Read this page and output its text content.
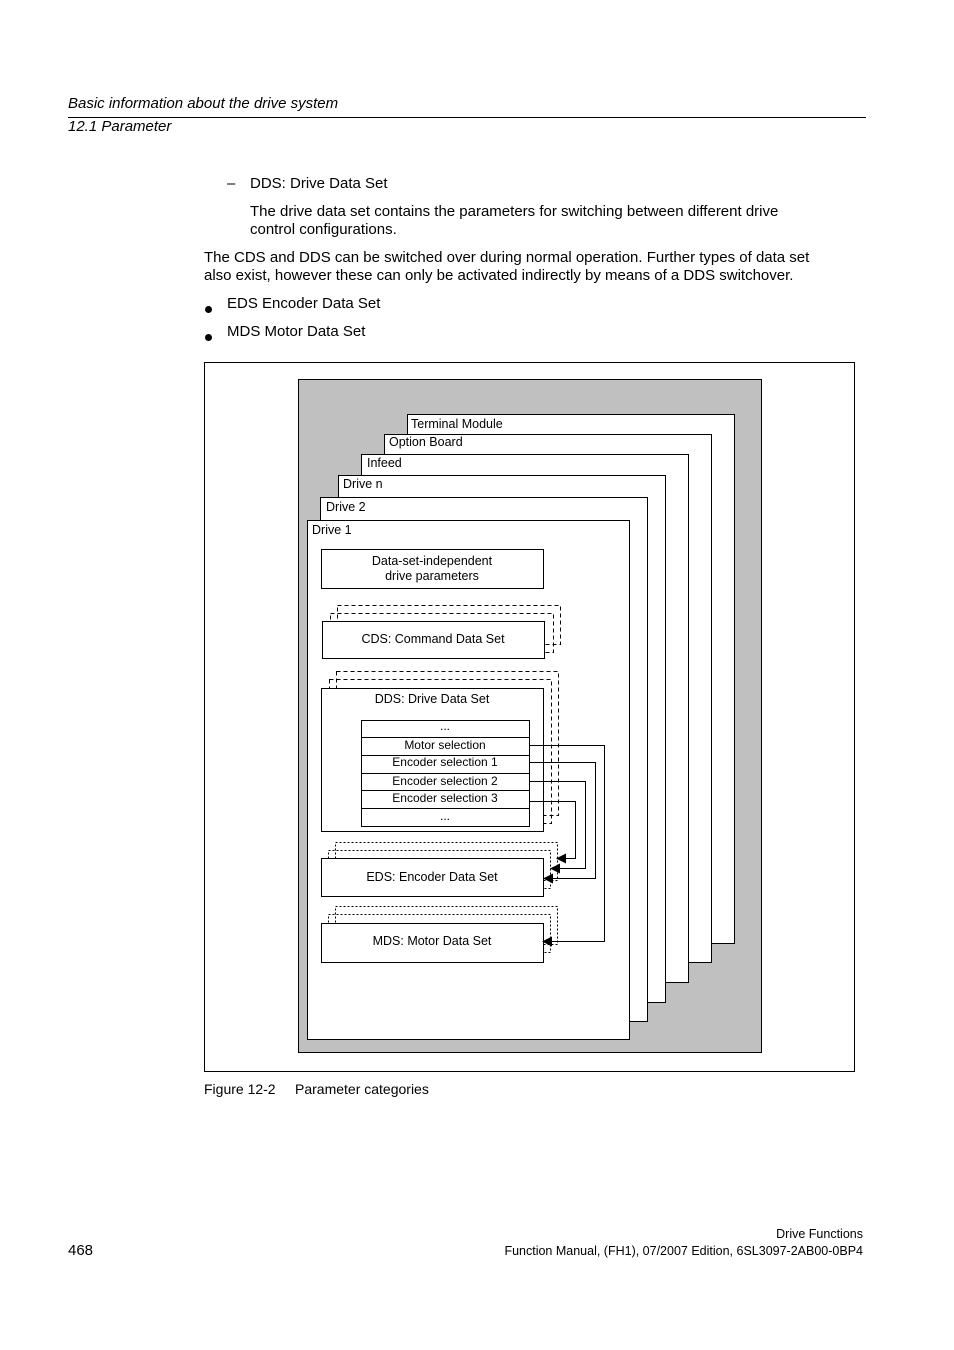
Basic information about the drive system
12.1 Parameter
– DDS: Drive Data Set
The drive data set contains the parameters for switching between different drive
control configurations.
The CDS and DDS can be switched over during normal operation. Further types of data set
also exist, however these can only be activated indirectly by means of a DDS switchover.
EDS Encoder Data Set
MDS Motor Data Set
Terminal Module
Option Board
Infeed
Drive n
Drive 2
Drive 1
Data-set-independent
drive parameters
CDS: Command Data Set
DDS: Drive Data Set
...
Motor selection
Encoder selection 1
Encoder selection 2
Encoder selection 3
...
EDS: Encoder Data Set
MDS: Motor Data Set
Figure 12-2 Parameter categories
468
Drive Functions
Function Manual, (FH1), 07/2007 Edition, 6SL3097-2AB00-0BP4
